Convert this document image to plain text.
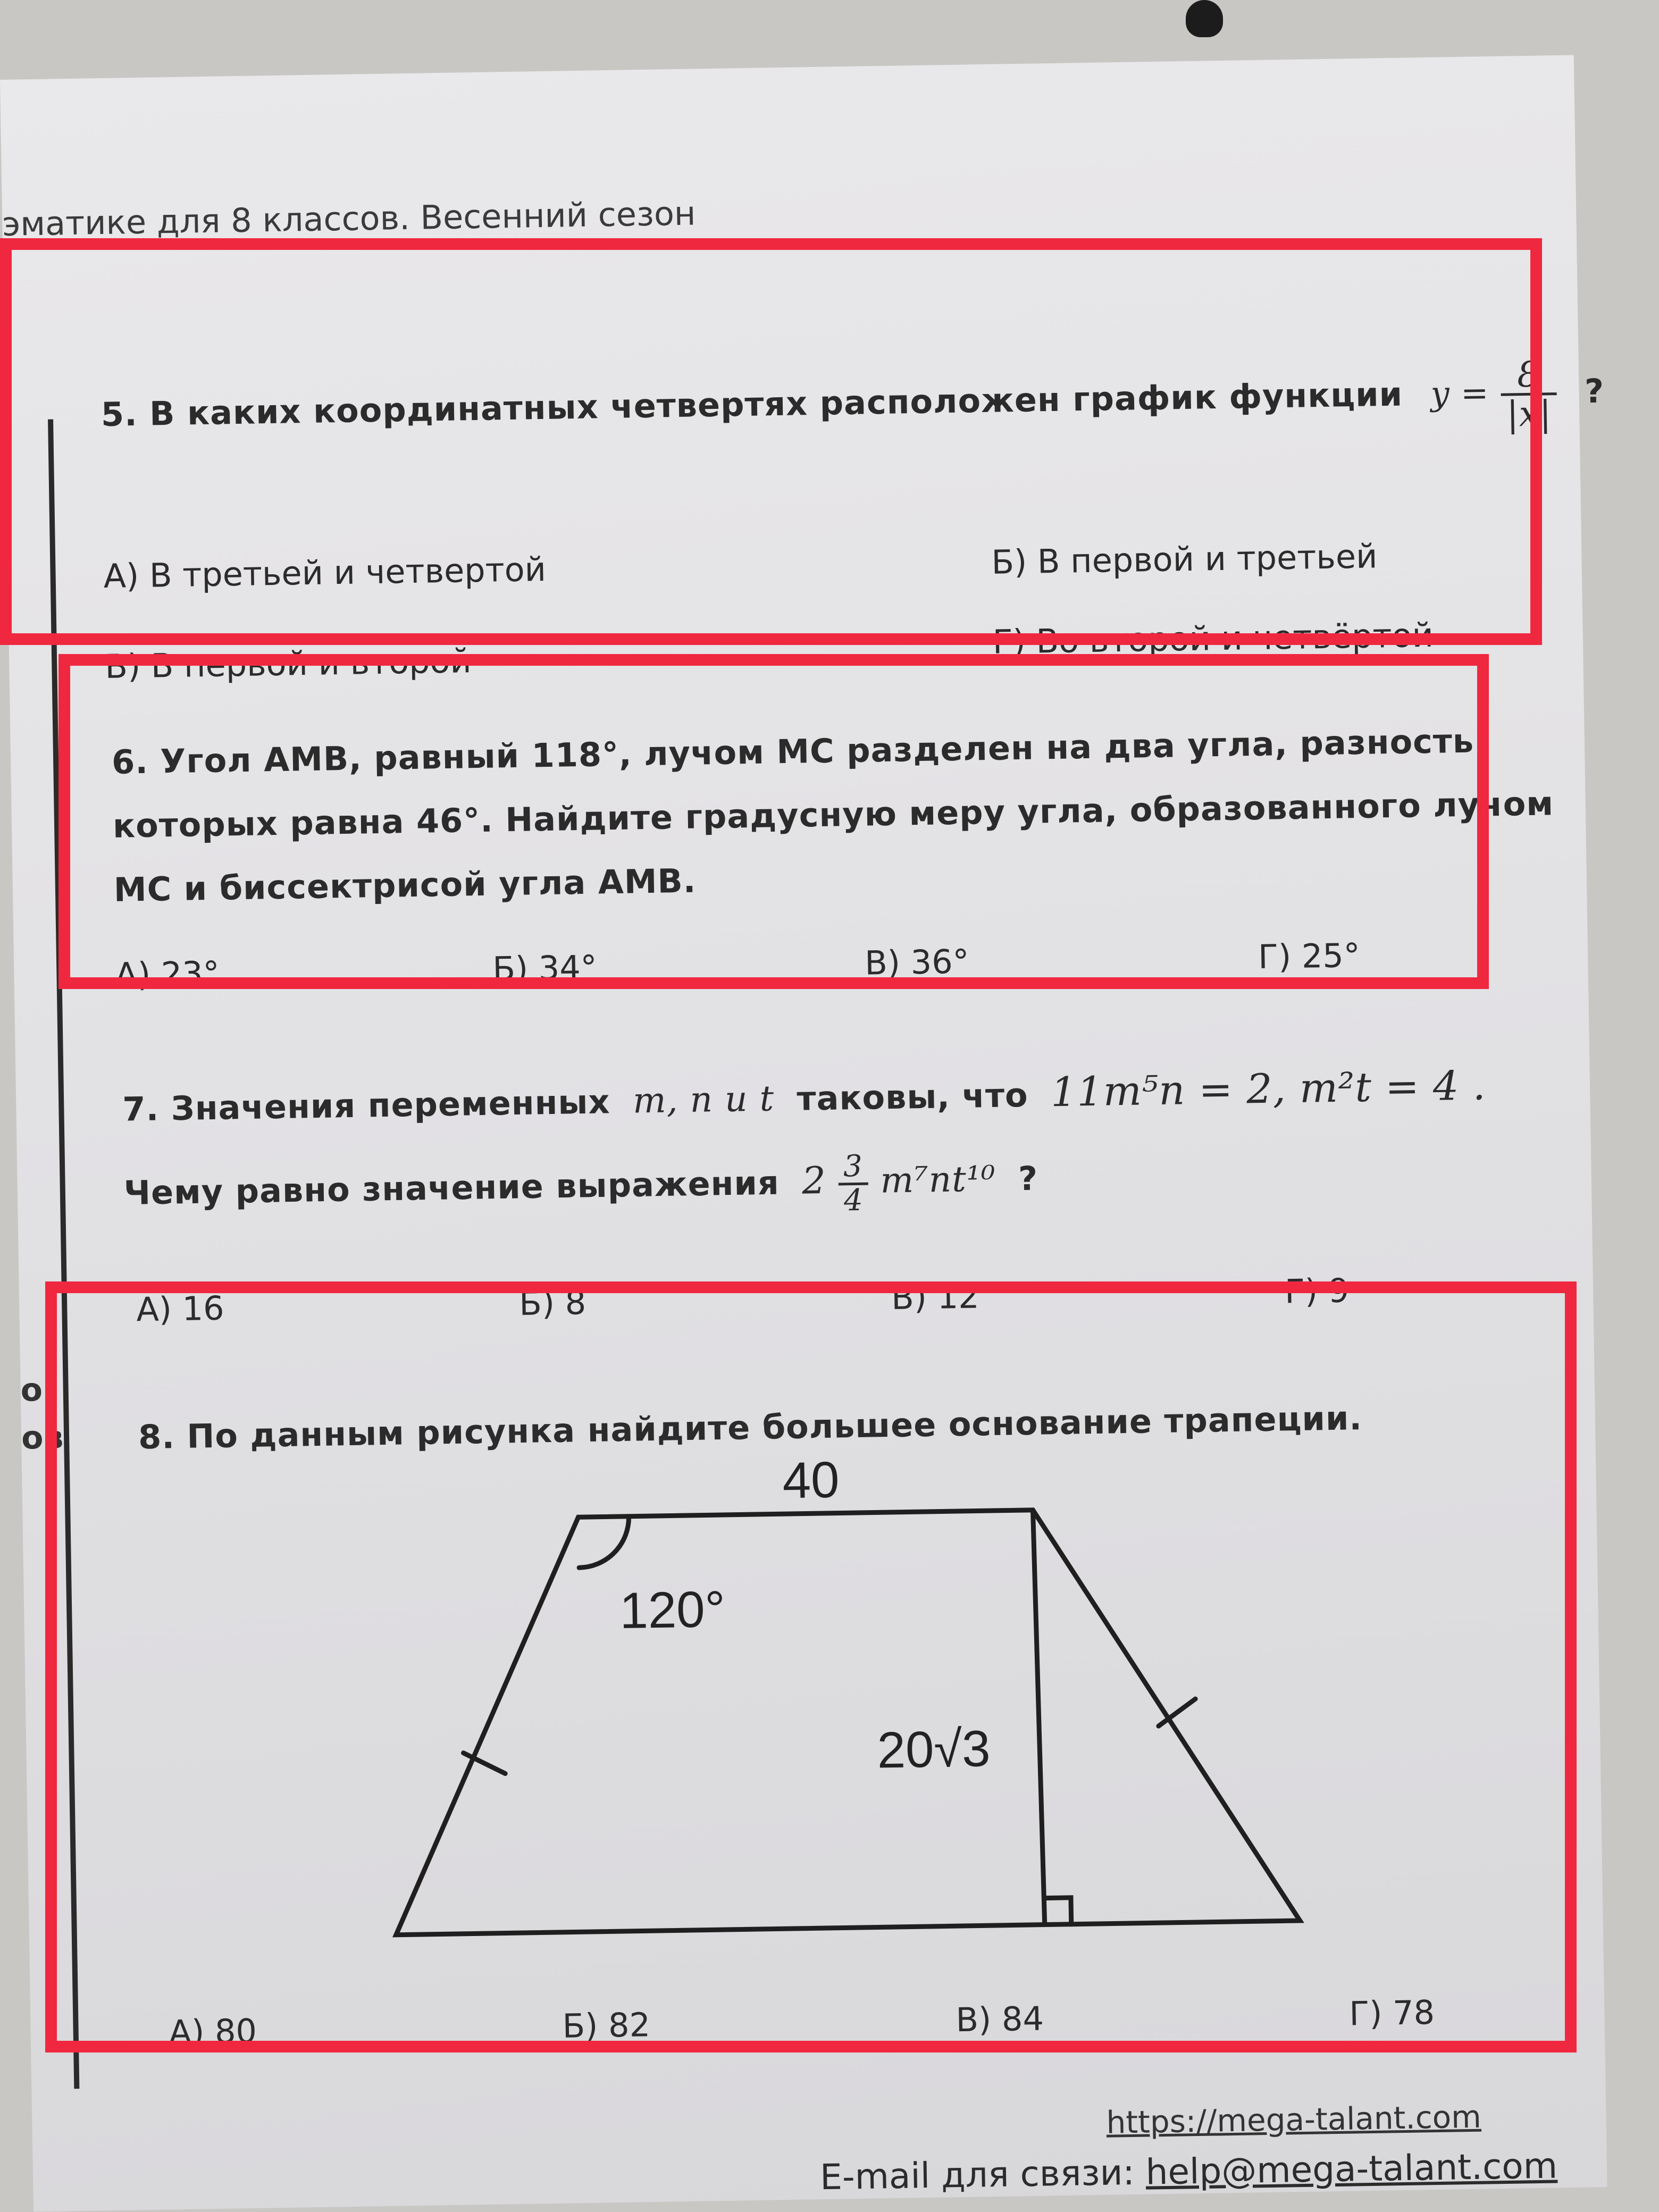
эматике для 8 классов. Весенний сезон
о
ов
5. В каких координатных четвертях расположен график функции $y = \frac{8}{|x|}$ ?
А) В третьей и четвертой	Б) В первой и третьей
В) В первой и второй
Г) Во второй и четвёртой
6. Угол АМВ, равный 118°, лучом МС разделен на два угла, разность
которых равна 46°. Найдите градусную меру угла, образованного лучом
МС и биссектрисой угла АМВ.
А) 23°	Б) 34°	В) 36°	Г) 25°
7. Значения переменных m, n и t таковы, что 11m⁵n = 2, m²t = 4 .
Чему равно значение выражения $2 \frac{3}{4} m^7nt^{10}$ ?
А) 16	Б) 8	В) 12	Г) 9
8. По данным рисунка найдите большее основание трапеции.
40
120°
20√3
А) 80	Б) 82	В) 84	Г) 78
https://mega-talant.com
E-mail для связи: help@mega-talant.com
